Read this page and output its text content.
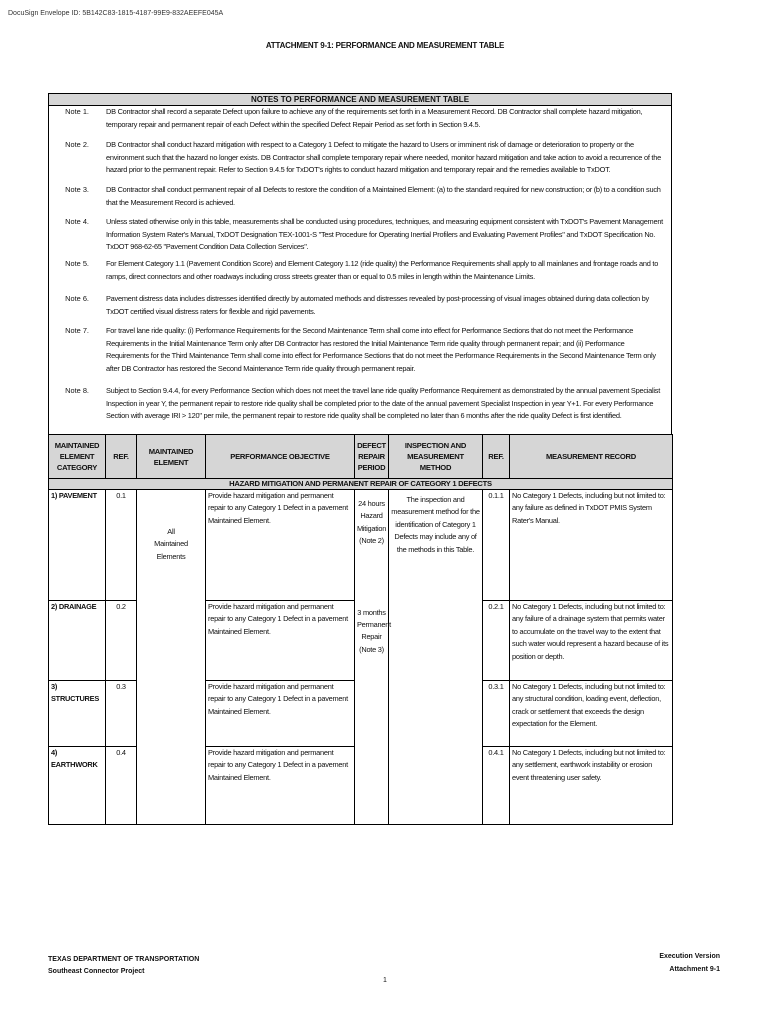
DocuSign Envelope ID: 5B142C83-1815-4187-99E9-832AEEFE045A
ATTACHMENT 9-1: PERFORMANCE AND MEASUREMENT TABLE
NOTES TO PERFORMANCE AND MEASUREMENT TABLE
Note 1. DB Contractor shall record a separate Defect upon failure to achieve any of the requirements set forth in a Measurement Record. DB Contractor shall complete hazard mitigation, temporary repair and permanent repair of each Defect within the specified Defect Repair Period as set forth in Section 9.4.5.
Note 2. DB Contractor shall conduct hazard mitigation with respect to a Category 1 Defect to mitigate the hazard to Users or imminent risk of damage or deterioration to property or the environment such that the hazard no longer exists. DB Contractor shall complete temporary repair where needed, monitor hazard mitigation and take action to avoid a recurrence of the hazard prior to the permanent repair. Refer to Section 9.4.5 for TxDOT's rights to conduct hazard mitigation and temporary repair and the remedies available to TxDOT.
Note 3. DB Contractor shall conduct permanent repair of all Defects to restore the condition of a Maintained Element: (a) to the standard required for new construction; or (b) to a condition such that the Measurement Record is achieved.
Note 4. Unless stated otherwise only in this table, measurements shall be conducted using procedures, techniques, and measuring equipment consistent with TxDOT's Pavement Management Information System Rater's Manual, TxDOT Designation TEX-1001-S "Test Procedure for Operating Inertial Profilers and Evaluating Pavement Profiles" and TxDOT Specification No. TxDOT 968-62-65 "Pavement Condition Data Collection Services".
Note 5. For Element Category 1.1 (Pavement Condition Score) and Element Category 1.12 (ride quality) the Performance Requirements shall apply to all mainlanes and frontage roads and to ramps, direct connectors and other roadways including cross streets greater than or equal to 0.5 miles in length within the Maintenance Limits.
Note 6. Pavement distress data includes distresses identified directly by automated methods and distresses revealed by post-processing of visual images obtained during data collection by TxDOT certified visual distress raters for flexible and rigid pavements.
Note 7. For travel lane ride quality: (i) Performance Requirements for the Second Maintenance Term shall come into effect for Performance Sections that do not meet the Performance Requirements in the Initial Maintenance Term only after DB Contractor has restored the Initial Maintenance Term ride quality through permanent repair; and (ii) Performance Requirements for the Third Maintenance Term shall come into effect for Performance Sections that do not meet the Performance Requirements in the Second Maintenance Term only after DB Contractor has restored the Second Maintenance Term ride quality through permanent repair.
Note 8. Subject to Section 9.4.4, for every Performance Section which does not meet the travel lane ride quality Performance Requirement as demonstrated by the annual pavement Specialist Inspection in year Y, the permanent repair to restore ride quality shall be completed prior to the date of the annual pavement Specialist Inspection in year Y+1. For every Performance Section with average IRI > 120" per mile, the permanent repair to restore ride quality shall be completed no later than 6 months after the ride quality Defect is first identified.
MAINTAINED ELEMENT CATEGORY	REF.	MAINTAINED ELEMENT	PERFORMANCE OBJECTIVE	DEFECT REPAIR PERIOD	INSPECTION AND MEASUREMENT METHOD	REF.	MEASUREMENT RECORD
HAZARD MITIGATION AND PERMANENT REPAIR OF CATEGORY 1 DEFECTS							
1) PAVEMENT	0.1	All Maintained Elements	Provide hazard mitigation and permanent repair to any Category 1 Defect in a pavement Maintained Element.	24 hours Hazard Mitigation (Note 2)	The inspection and measurement method for the identification of Category 1 Defects may include any of the methods in this Table.	0.1.1	No Category 1 Defects, including but not limited to: any failure as defined in TxDOT PMIS System Rater's Manual.
2) DRAINAGE	0.2		Provide hazard mitigation and permanent repair to any Category 1 Defect in a pavement Maintained Element.	3 months Permanent Repair (Note 3)		0.2.1	No Category 1 Defects, including but not limited to: any failure of a drainage system that permits water to accumulate on the travel way to the extent that such water would represent a hazard because of its position or depth.
3) STRUCTURES	0.3		Provide hazard mitigation and permanent repair to any Category 1 Defect in a pavement Maintained Element.			0.3.1	No Category 1 Defects, including but not limited to: any structural condition, loading event, deflection, crack or settlement that exceeds the design expectation for the Element.
4) EARTHWORK	0.4		Provide hazard mitigation and permanent repair to any Category 1 Defect in a pavement Maintained Element.			0.4.1	No Category 1 Defects, including but not limited to: any settlement, earthwork instability or erosion event threatening user safety.
TEXAS DEPARTMENT OF TRANSPORTATION
Southeast Connector Project
Execution Version
Attachment 9-1
1
